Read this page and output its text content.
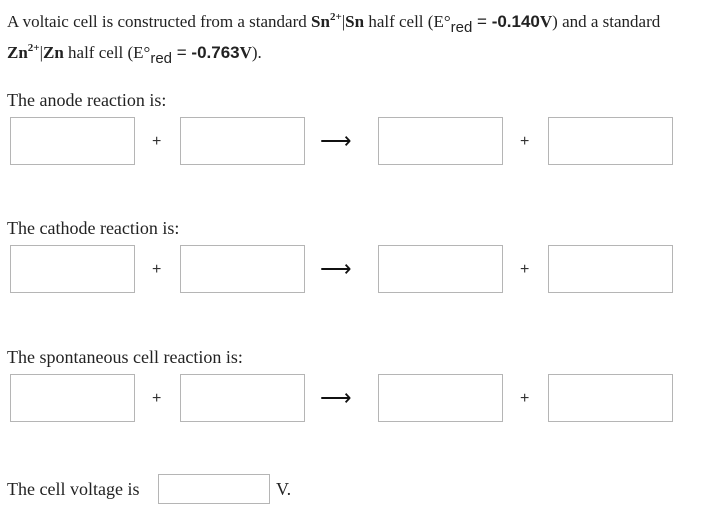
A voltaic cell is constructed from a standard $Sn^{2+}|Sn$ half cell $(E^\circ_{red} = -0.140V)$ and a standard $Zn^{2+}|Zn$ half cell $(E^\circ_{red} = -0.763V)$.
The anode reaction is:
+	⟶	+
The cathode reaction is:
+	⟶	+
The spontaneous cell reaction is:
+	⟶	+
The cell voltage is	V.
